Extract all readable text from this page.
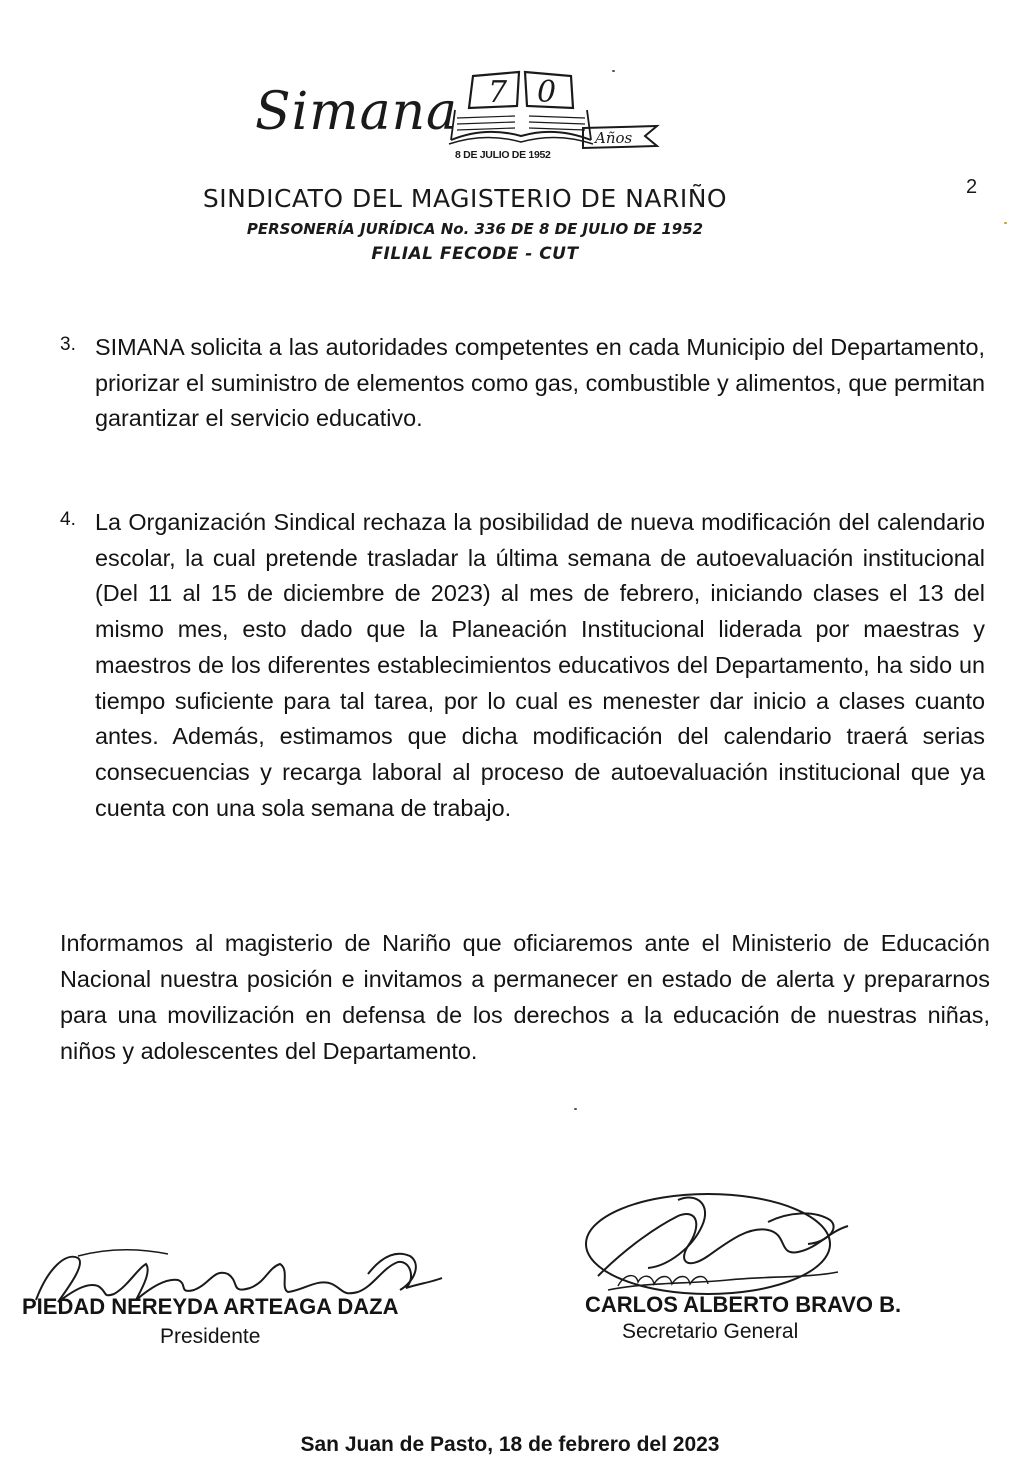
Simana 7 0
Años
8 DE JULIO DE 1952
2
SINDICATO DEL MAGISTERIO DE NARIÑO
PERSONERÍA JURÍDICA No. 336 DE 8 DE JULIO DE 1952
FILIAL FECODE - CUT
3. SIMANA solicita a las autoridades competentes en cada Municipio del Departamento, priorizar el suministro de elementos como gas, combustible y alimentos, que permitan garantizar el servicio educativo.
4. La Organización Sindical rechaza la posibilidad de nueva modificación del calendario escolar, la cual pretende trasladar la última semana de autoevaluación institucional (Del 11 al 15 de diciembre de 2023) al mes de febrero, iniciando clases el 13 del mismo mes, esto dado que la Planeación Institucional liderada por maestras y maestros de los diferentes establecimientos educativos del Departamento, ha sido un tiempo suficiente para tal tarea, por lo cual es menester dar inicio a clases cuanto antes. Además, estimamos que dicha modificación del calendario traerá serias consecuencias y recarga laboral al proceso de autoevaluación institucional que ya cuenta con una sola semana de trabajo.
Informamos al magisterio de Nariño que oficiaremos ante el Ministerio de Educación Nacional nuestra posición e invitamos a permanecer en estado de alerta y prepararnos para una movilización en defensa de los derechos a la educación de nuestras niñas, niños y adolescentes del Departamento.
PIEDAD NEREYDA ARTEAGA DAZA
Presidente
CARLOS ALBERTO BRAVO B.
Secretario General
San Juan de Pasto, 18 de febrero del 2023
